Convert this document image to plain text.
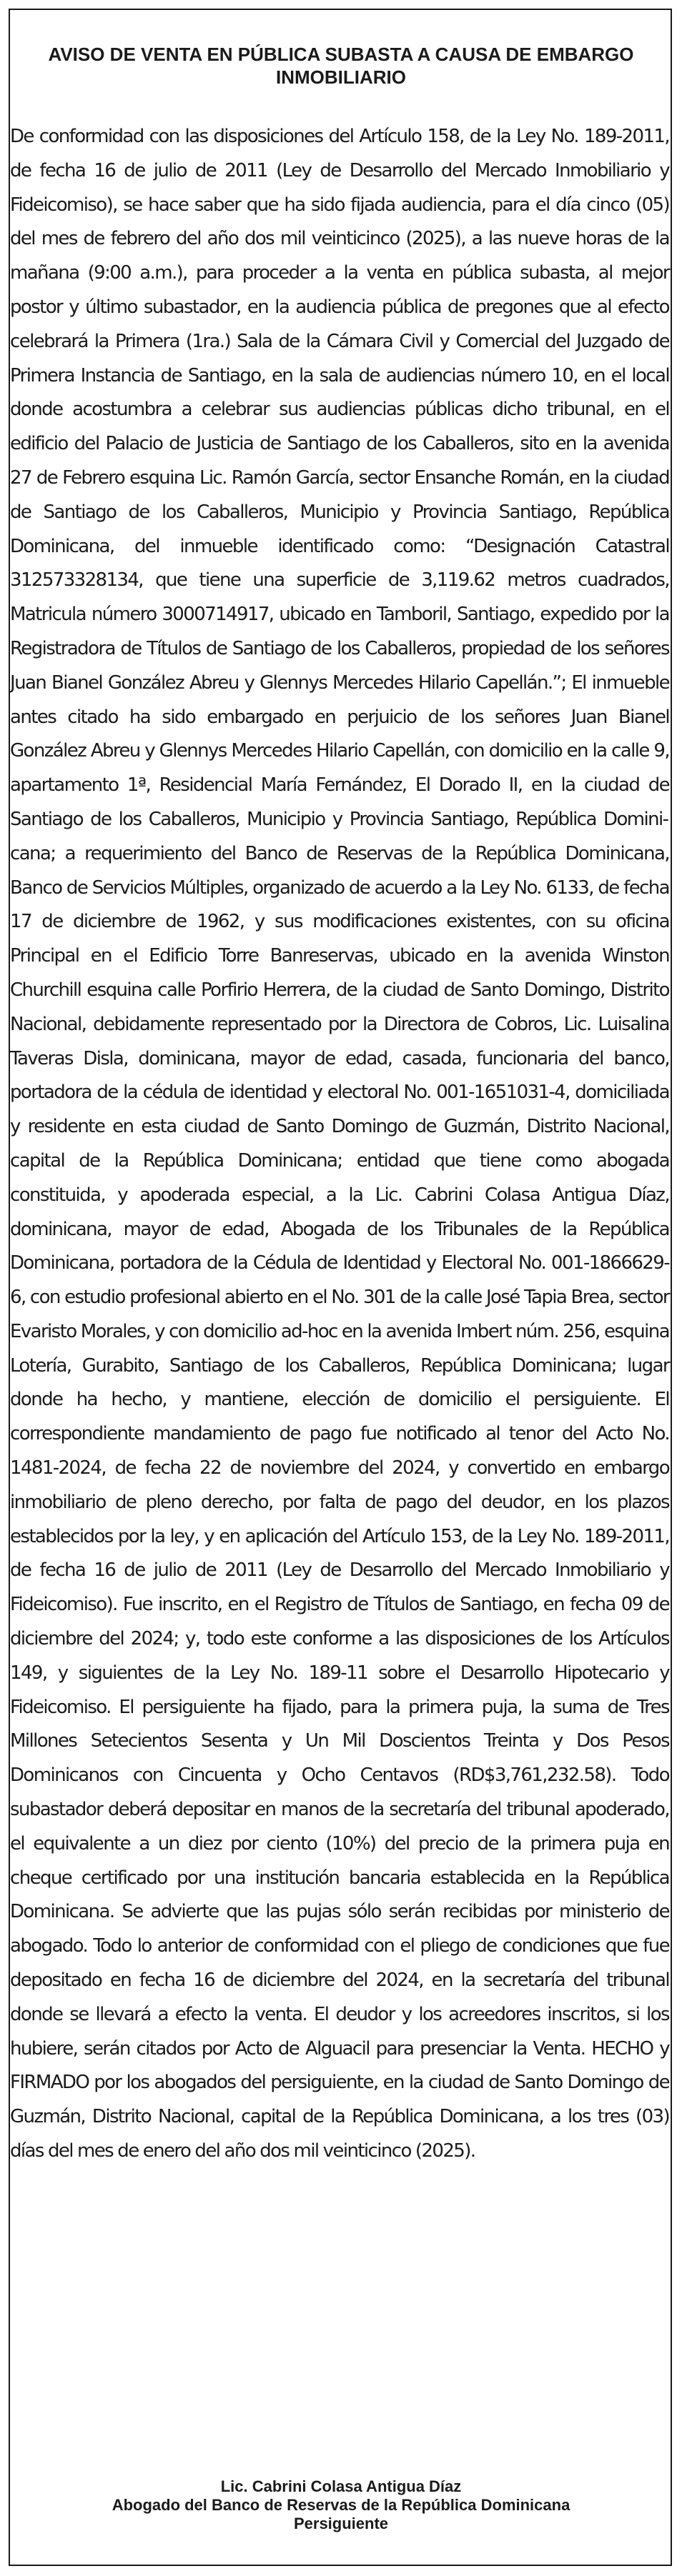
AVISO DE VENTA EN PÚBLICA SUBASTA A CAUSA DE EMBARGO INMOBILIARIO

De conformidad con las disposiciones del Artículo 158, de la Ley No. 189-2011, de fecha 16 de julio de 2011 (Ley de Desarrollo del Mercado Inmobiliario y Fideicomiso), se hace saber que ha sido fijada audiencia, para el día cinco (05) del mes de febrero del año dos mil veinticinco (2025), a las nueve horas de la mañana (9:00 a.m.), para proceder a la venta en pública subasta, al mejor postor y último subastador, en la audiencia pública de pregones que al efecto celebrará la Primera (1ra.) Sala de la Cámara Civil y Comercial del Juzgado de Primera Instancia de Santiago, en la sala de audiencias número 10, en el local donde acostumbra a celebrar sus audiencias públicas dicho tribunal, en el edificio del Palacio de Justicia de Santiago de los Caballeros, sito en la avenida 27 de Febrero esquina Lic. Ramón García, sector Ensanche Román, en la ciudad de Santiago de los Caballeros, Municipio y Provincia Santiago, República Dominicana, del inmueble identificado como: “Designación Catastral 312573328134, que tiene una superficie de 3,119.62 metros cuadrados, Matricula número 3000714917, ubicado en Tamboril, Santiago, expedido por la Registradora de Títulos de Santiago de los Caballeros, propiedad de los señores Juan Bianel González Abreu y Glennys Mercedes Hilario Capellán.”; El inmueble antes citado ha sido embargado en perjuicio de los señores Juan Bianel González Abreu y Glennys Mercedes Hilario Capellán, con domicilio en la calle 9, apartamento 1ª, Residencial María Fernández, El Dorado II, en la ciudad de Santiago de los Caballeros, Municipio y Provincia Santiago, República Dominicana; a requerimiento del Banco de Reservas de la República Dominicana, Banco de Servicios Múltiples, organizado de acuerdo a la Ley No. 6133, de fecha 17 de diciembre de 1962, y sus modificaciones existentes, con su oficina Principal en el Edificio Torre Banreservas, ubicado en la avenida Winston Churchill esquina calle Porfirio Herrera, de la ciudad de Santo Domingo, Distrito Nacional, debidamente representado por la Directora de Cobros, Lic. Luisalina Taveras Disla, dominicana, mayor de edad, casada, funcionaria del banco, portadora de la cédula de identidad y electoral No. 001-1651031-4, domiciliada y residente en esta ciudad de Santo Domingo de Guzmán, Distrito Nacional, capital de la República Dominicana; entidad que tiene como abogada constituida, y apoderada especial, a la Lic. Cabrini Colasa Antigua Díaz, dominicana, mayor de edad, Abogada de los Tribunales de la República Dominicana, portadora de la Cédula de Identidad y Electoral No. 001-1866629-6, con estudio profesional abierto en el No. 301 de la calle José Tapia Brea, sector Evaristo Morales, y con domicilio ad-hoc en la avenida Imbert núm. 256, esquina Lotería, Gurabito, Santiago de los Caballeros, República Dominicana; lugar donde ha hecho, y mantiene, elección de domicilio el persiguiente. El correspondiente mandamiento de pago fue notificado al tenor del Acto No. 1481-2024, de fecha 22 de noviembre del 2024, y convertido en embargo inmobiliario de pleno derecho, por falta de pago del deudor, en los plazos establecidos por la ley, y en aplicación del Artículo 153, de la Ley No. 189-2011, de fecha 16 de julio de 2011 (Ley de Desarrollo del Mercado Inmobiliario y Fideicomiso). Fue inscrito, en el Registro de Títulos de Santiago, en fecha 09 de diciembre del 2024; y, todo este conforme a las disposiciones de los Artículos 149, y siguientes de la Ley No. 189-11 sobre el Desarrollo Hipotecario y Fideicomiso. El persiguiente ha fijado, para la primera puja, la suma de Tres Millones Setecientos Sesenta y Un Mil Doscientos Treinta y Dos Pesos Dominicanos con Cincuenta y Ocho Centavos (RD$3,761,232.58). Todo subastador deberá depositar en manos de la secretaría del tribunal apoderado, el equivalente a un diez por ciento (10%) del precio de la primera puja en cheque certificado por una institución bancaria establecida en la República Dominicana. Se advierte que las pujas sólo serán recibidas por ministerio de abogado. Todo lo anterior de conformidad con el pliego de condiciones que fue depositado en fecha 16 de diciembre del 2024, en la secretaría del tribunal donde se llevará a efecto la venta. El deudor y los acreedores inscritos, si los hubiere, serán citados por Acto de Alguacil para presenciar la Venta. HECHO y FIRMADO por los abogados del persiguiente, en la ciudad de Santo Domingo de Guzmán, Distrito Nacional, capital de la República Dominicana, a los tres (03) días del mes de enero del año dos mil veinticinco (2025).

Lic. Cabrini Colasa Antigua Díaz
Abogado del Banco de Reservas de la República Dominicana
Persiguiente
